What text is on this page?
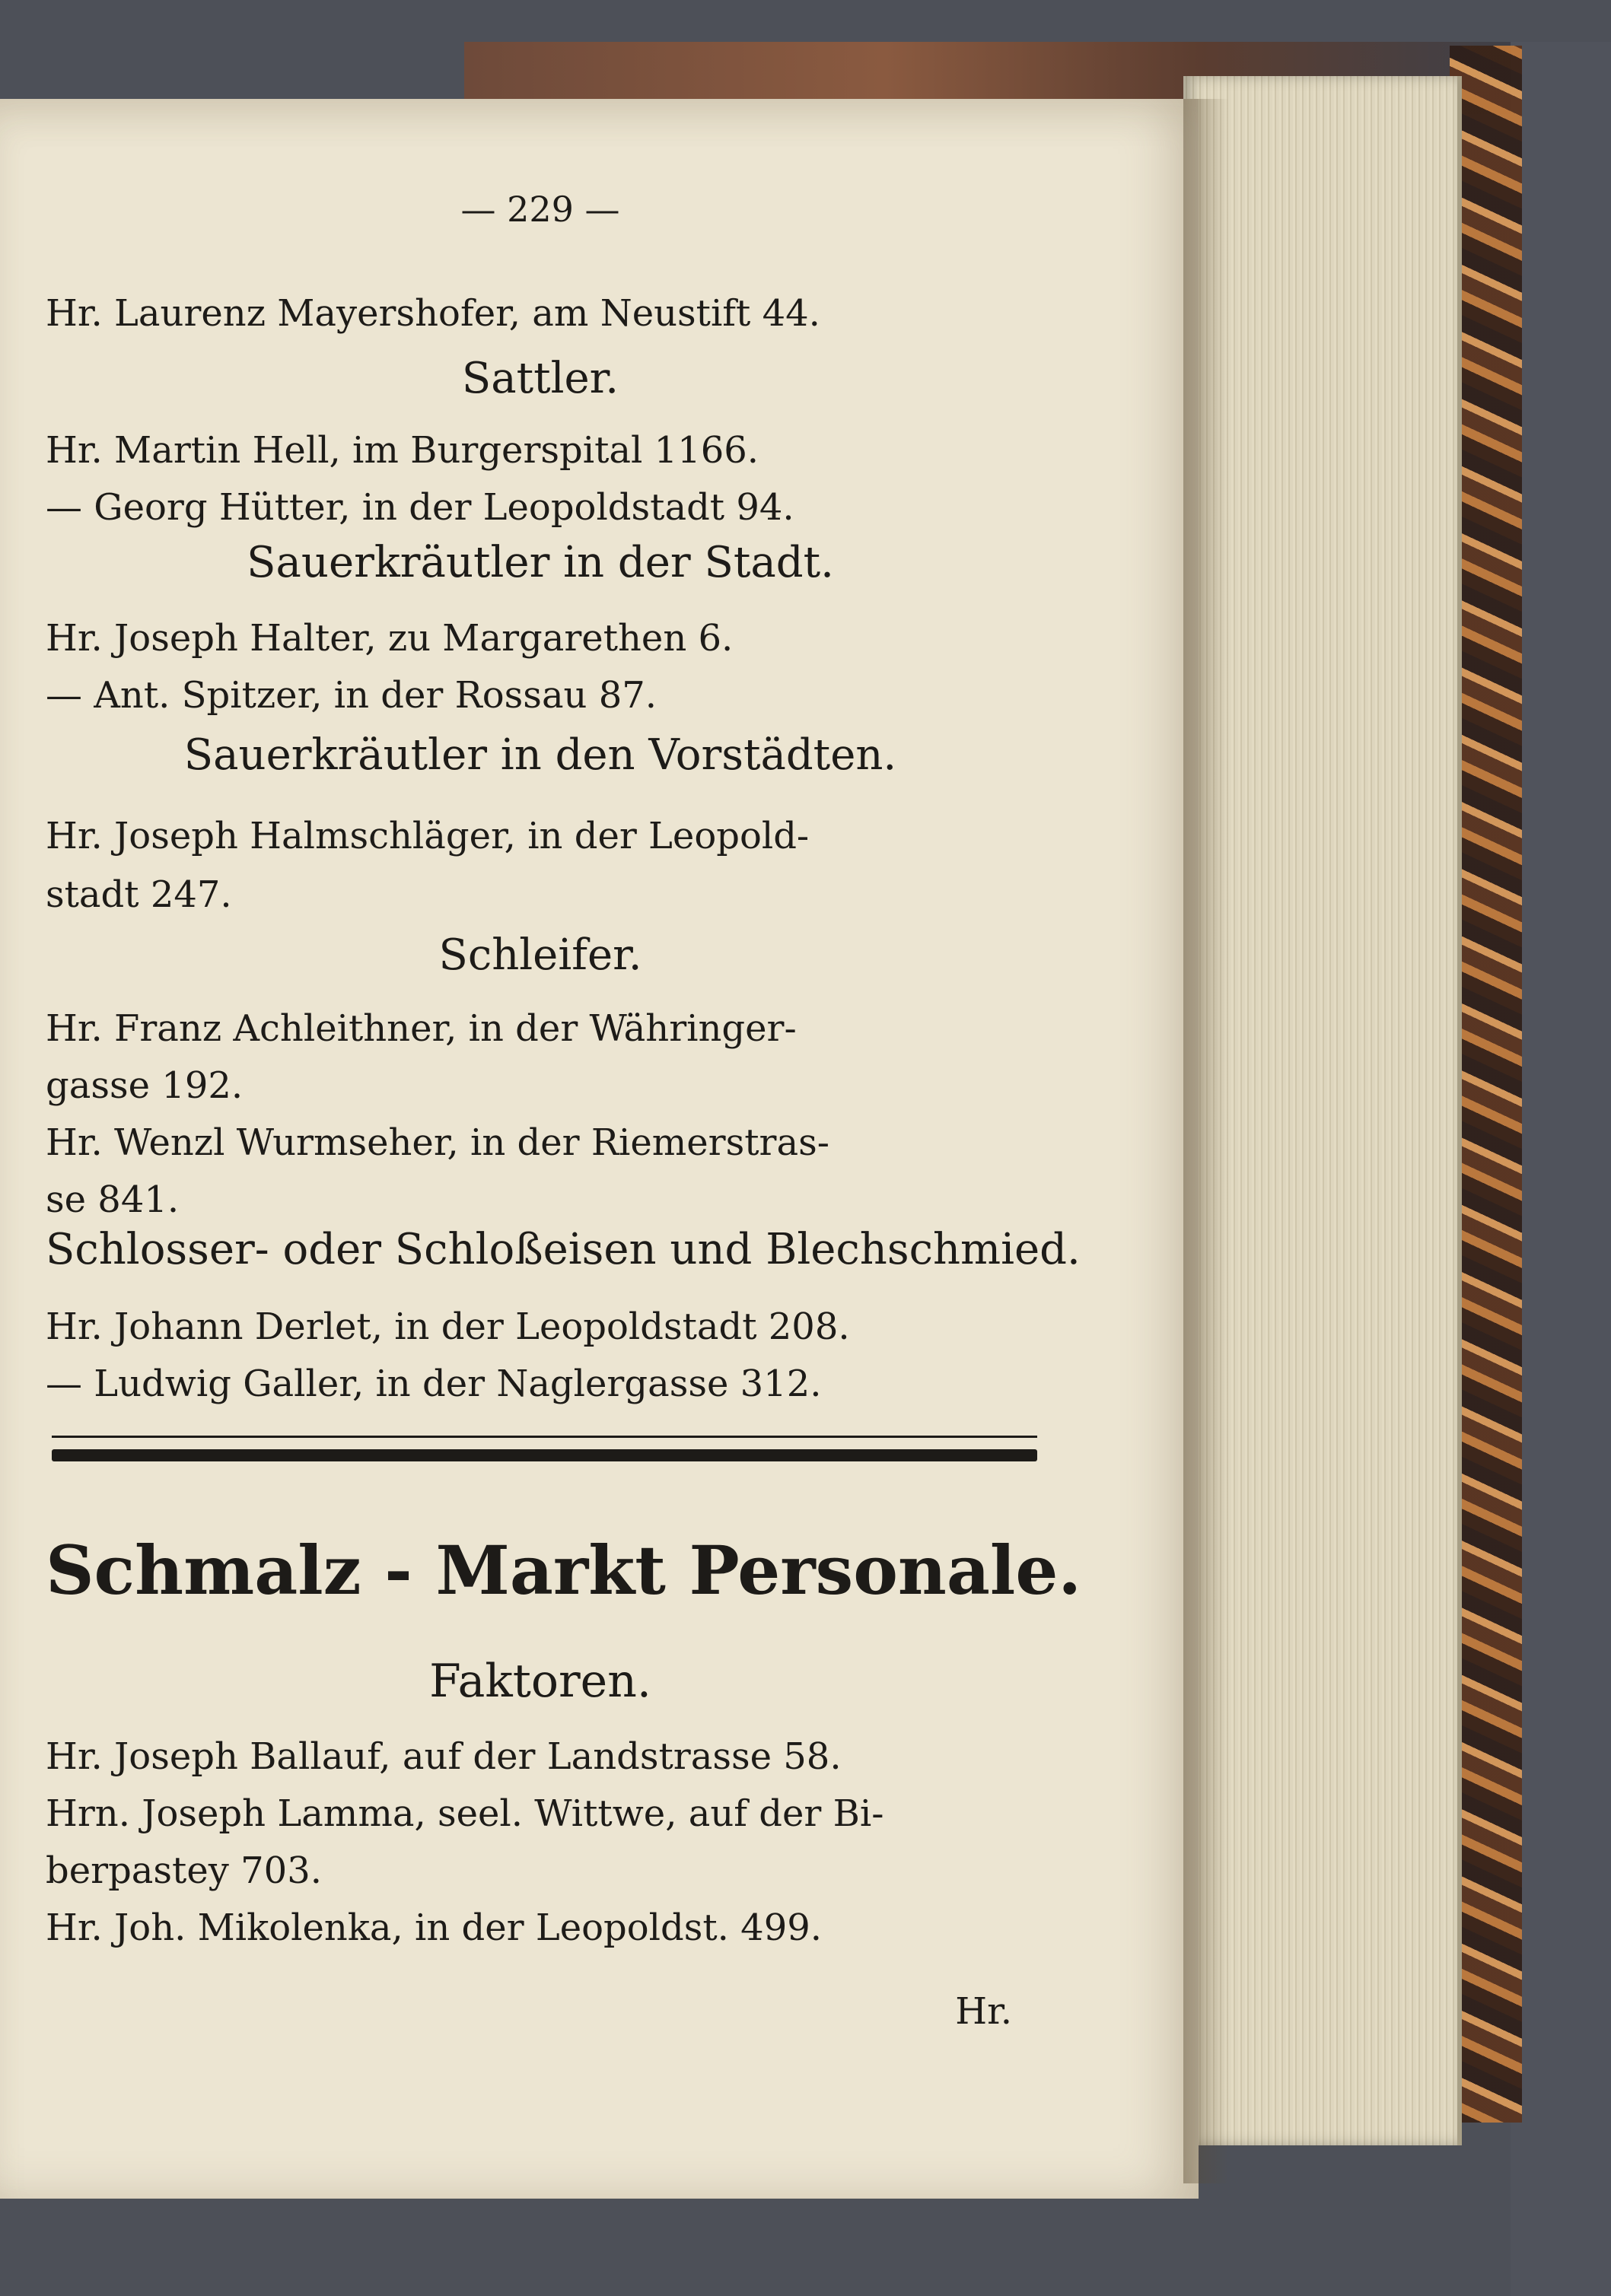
— 229 —
Hr. Laurenz Mayershofer, am Neustift 44.
Sattler.
Hr. Martin Hell, im Burgerspital 1166.
— Georg Hütter, in der Leopoldstadt 94.
Sauerkräutler in der Stadt.
Hr. Joseph Halter, zu Margarethen 6.
— Ant. Spitzer, in der Rossau 87.
Sauerkräutler in den Vorstädten.
Hr. Joseph Halmschläger, in der Leopold-
stadt 247.
Schleifer.
Hr. Franz Achleithner, in der Währinger-
gasse 192.
Hr. Wenzl Wurmseher, in der Riemerstras-
se 841.
Schlosser- oder Schloßeisen und Blechschmied.
Hr. Johann Derlet, in der Leopoldstadt 208.
— Ludwig Galler, in der Naglergasse 312.
Schmalz - Markt Personale.
Faktoren.
Hr. Joseph Ballauf, auf der Landstrasse 58.
Hrn. Joseph Lamma, seel. Wittwe, auf der Bi-
berpastey 703.
Hr. Joh. Mikolenka, in der Leopoldst. 499.
Hr.
